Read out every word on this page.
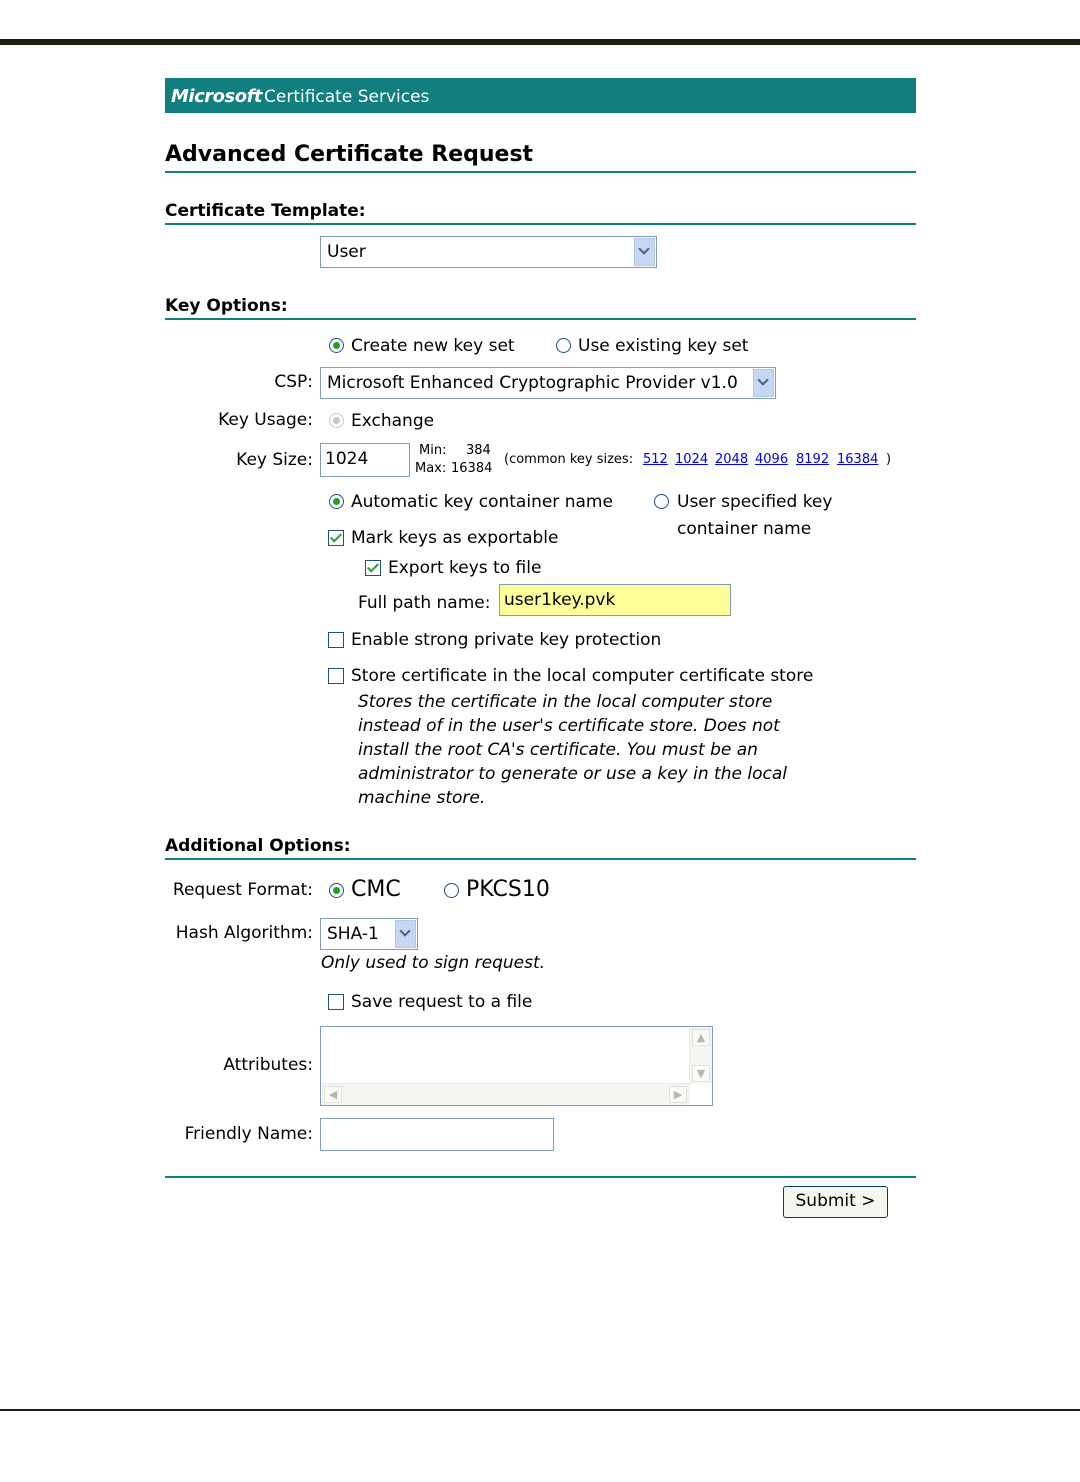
Microsoft Certificate Services
Advanced Certificate Request
Certificate Template:
User
Key Options:
Create new key set	Use existing key set
CSP: Microsoft Enhanced Cryptographic Provider v1.0
Key Usage: Exchange
Key Size: 1024	Min: 384
Max: 16384
(common key sizes: 512 1024 2048 4096 8192 16384 )
Automatic key container name	User specified key
container name
Mark keys as exportable
Export keys to file
Full path name: user1key.pvk
Enable strong private key protection
Store certificate in the local computer certificate store
Stores the certificate in the local computer store
instead of in the user's certificate store. Does not
install the root CA's certificate. You must be an
administrator to generate or use a key in the local
machine store.
Additional Options:
Request Format: CMC	PKCS10
Hash Algorithm: SHA-1
Only used to sign request.
Save request to a file
Attributes:
▲
▼
◀	▶
Friendly Name:
Submit >
